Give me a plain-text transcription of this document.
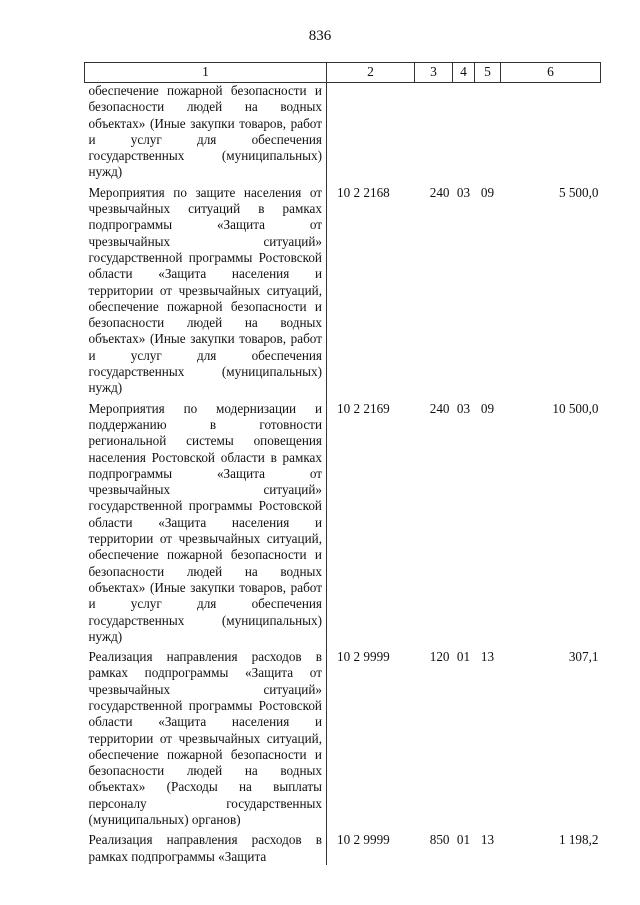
836
1	2	3	4	5	6
обеспечение пожарной безопасности и безопасности людей на водных объектах» (Иные закупки товаров, работ и услуг для обеспечения государственных (муниципальных) нужд)					
Мероприятия по защите населения от чрезвычайных ситуаций в рамках подпрограммы «Защита от чрезвычайных ситуаций» государственной программы Ростовской области «Защита населения и территории от чрезвычайных ситуаций, обеспечение пожарной безопасности и безопасности людей на водных объектах» (Иные закупки товаров, работ и услуг для обеспечения государственных (муниципальных) нужд)	10 2 2168	240	03	09	5 500,0
Мероприятия по модернизации и поддержанию в готовности региональной системы оповещения населения Ростовской области в рамках подпрограммы «Защита от чрезвычайных ситуаций» государственной программы Ростовской области «Защита населения и территории от чрезвычайных ситуаций, обеспечение пожарной безопасности и безопасности людей на водных объектах» (Иные закупки товаров, работ и услуг для обеспечения государственных (муниципальных) нужд)	10 2 2169	240	03	09	10 500,0
Реализация направления расходов в рамках подпрограммы «Защита от чрезвычайных ситуаций» государственной программы Ростовской области «Защита населения и территории от чрезвычайных ситуаций, обеспечение пожарной безопасности и безопасности людей на водных объектах» (Расходы на выплаты персоналу государственных (муниципальных) органов)	10 2 9999	120	01	13	307,1
Реализация направления расходов в рамках подпрограммы «Защита	10 2 9999	850	01	13	1 198,2
